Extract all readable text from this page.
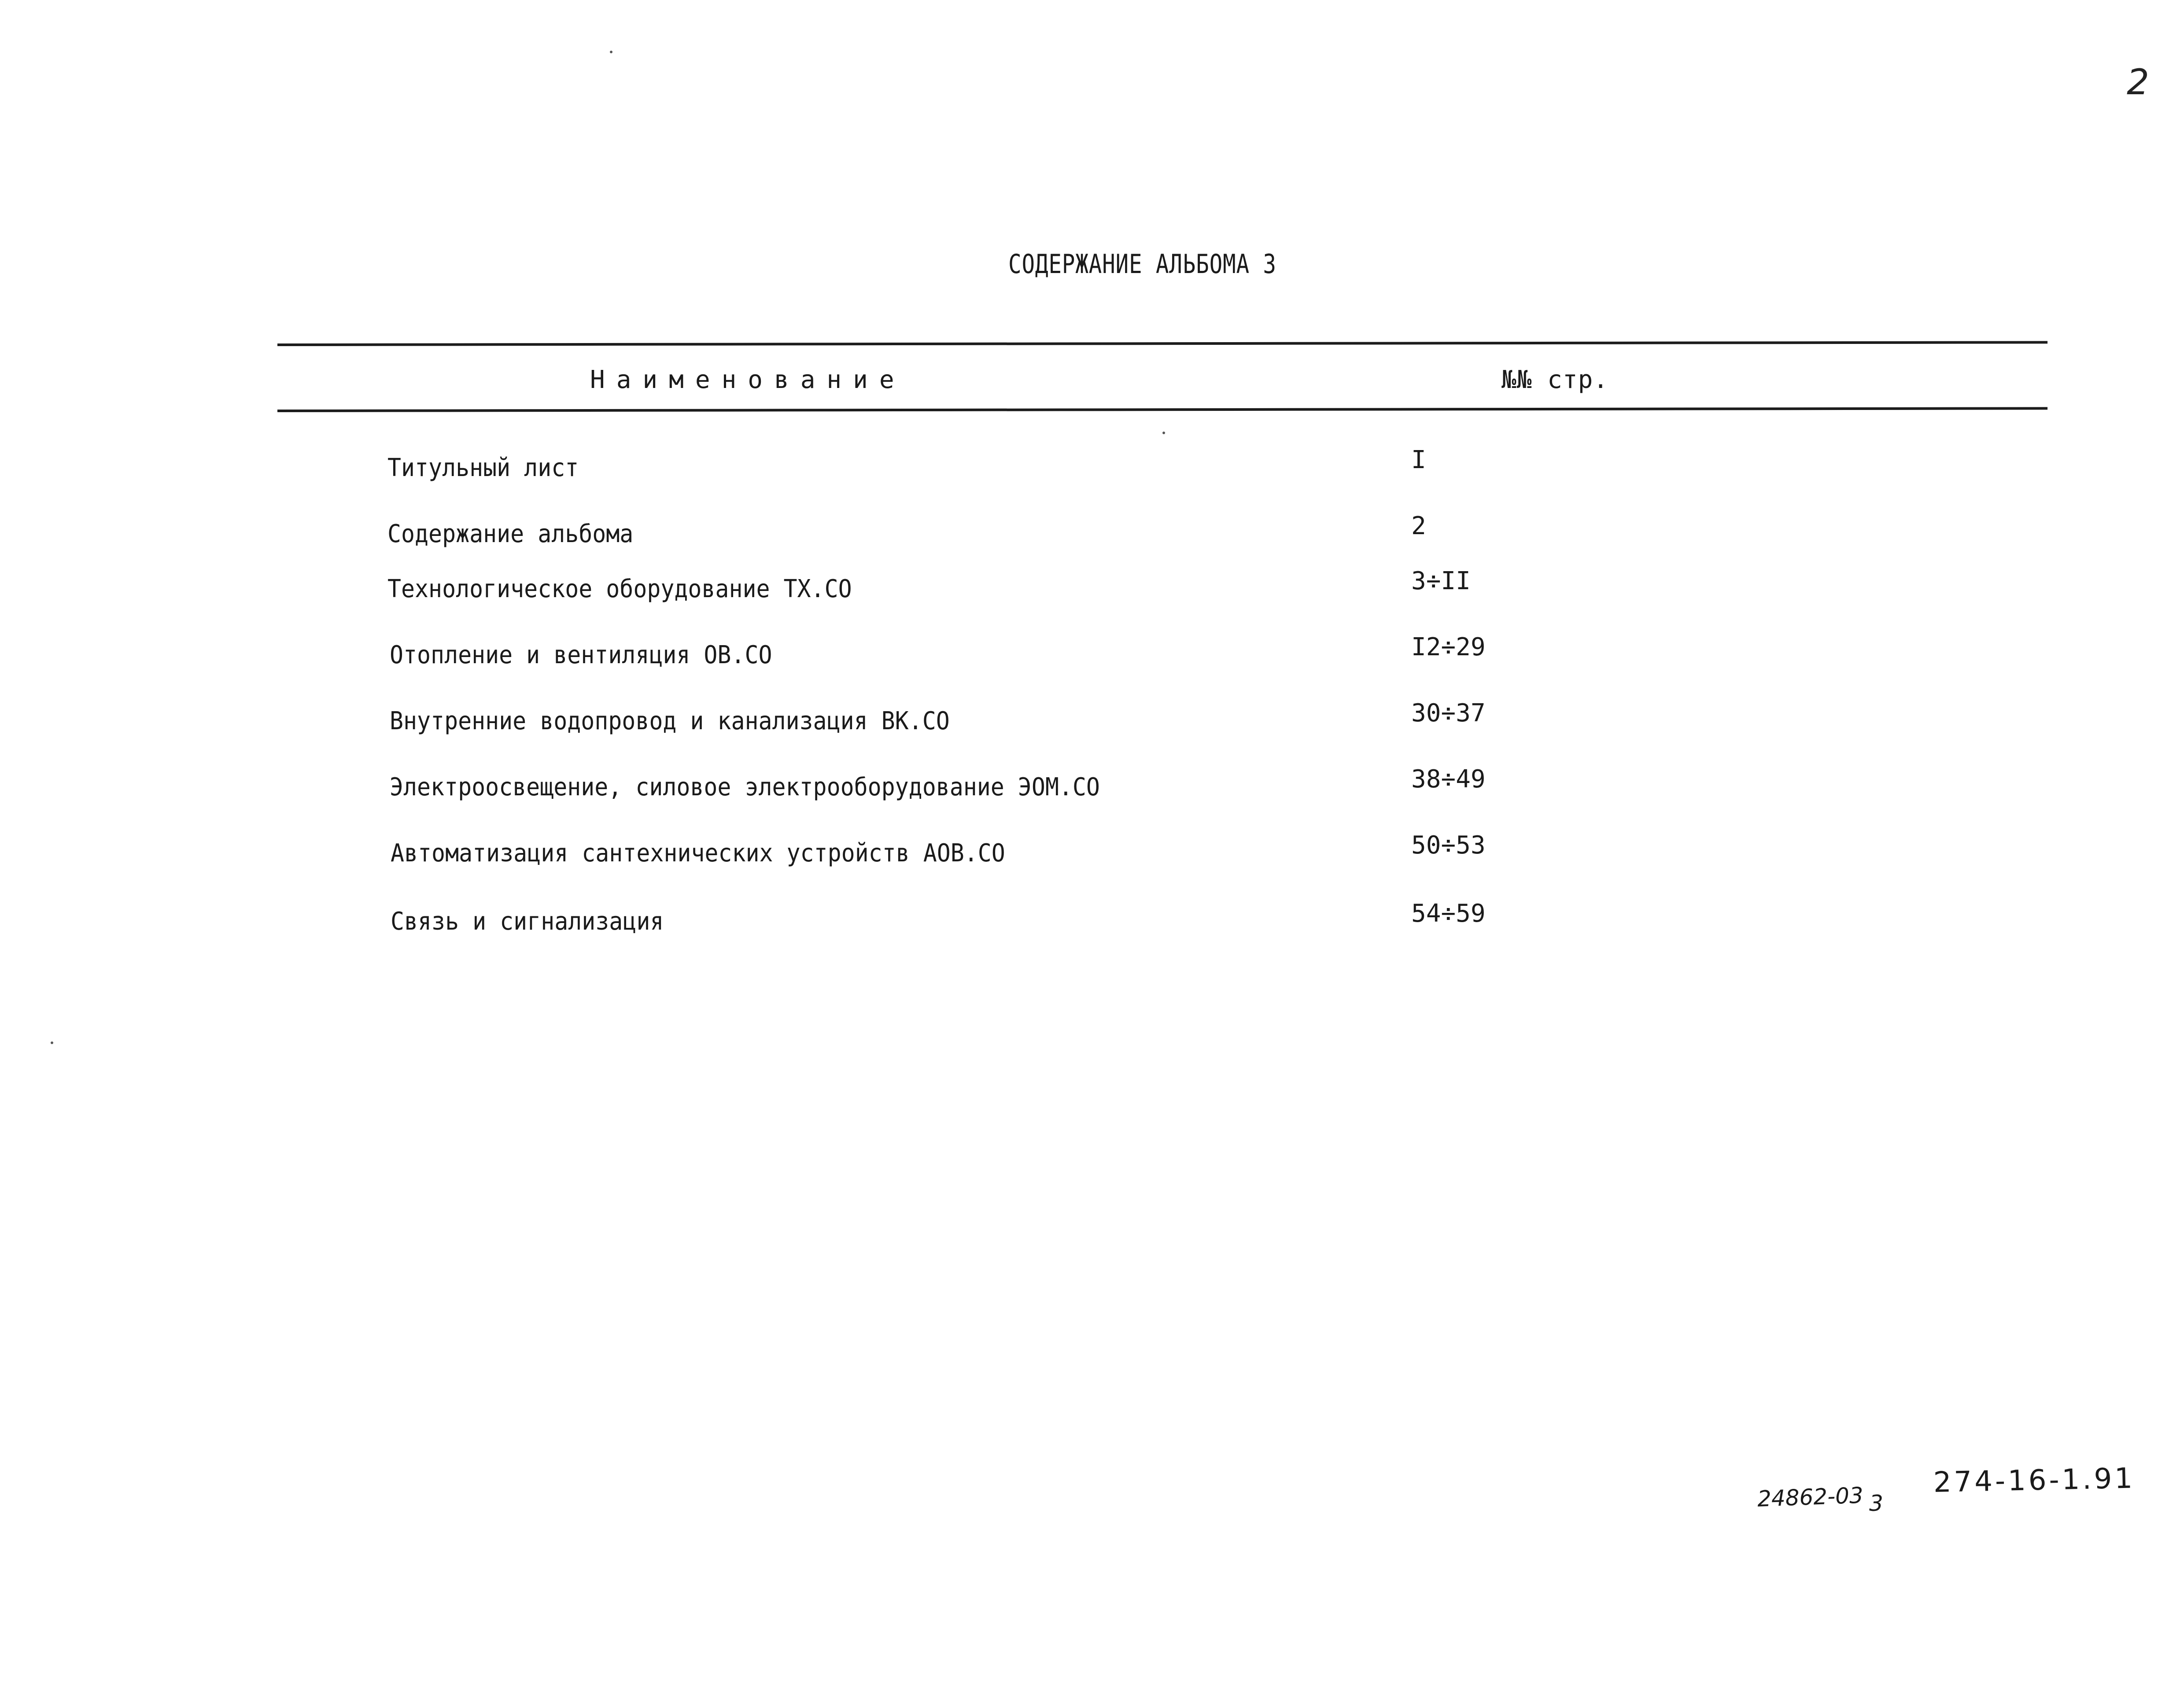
2
СОДЕРЖАНИЕ АЛЬБОМА 3
Наименование	№№ стр.
Титульный лист	I
Содержание альбома	2
Технологическое оборудование ТХ.СО	3÷II
Отопление и вентиляция ОВ.СО	I2÷29
Внутренние водопровод и канализация ВК.СО	30÷37
Электроосвещение, силовое электрооборудование ЭОМ.СО	38÷49
Автоматизация сантехнических устройств АОВ.СО	50÷53
Связь и сигнализация	54÷59
24862-03 3
274-16-1.91
